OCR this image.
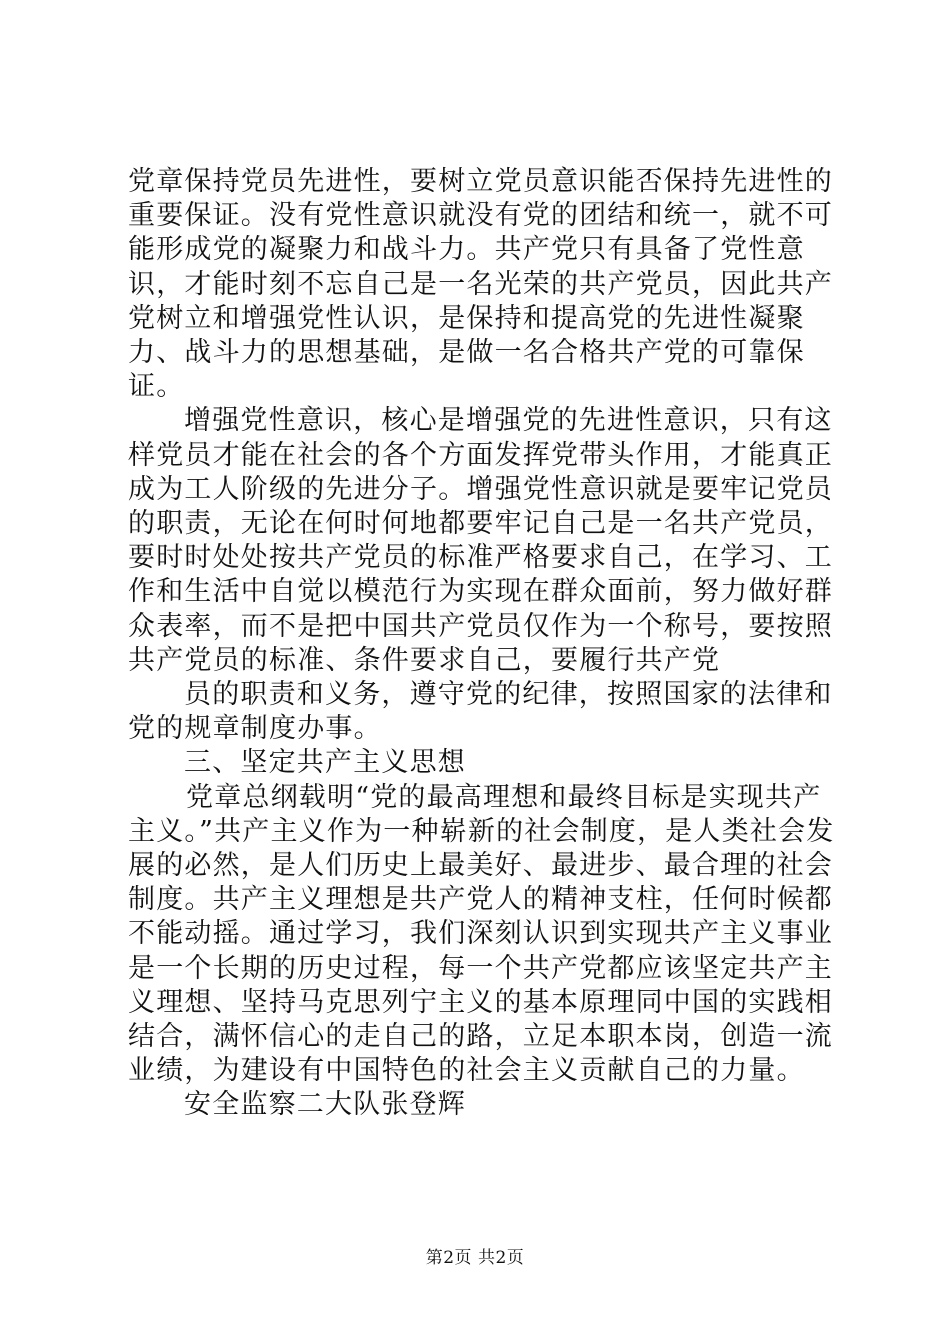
党章保持党员先进性，要树立党员意识能否保持先进性的重要保证。没有党性意识就没有党的团结和统一，就不可能形成党的凝聚力和战斗力。共产党只有具备了党性意识，才能时刻不忘自己是一名光荣的共产党员，因此共产党树立和增强党性认识，是保持和提高党的先进性凝聚力、战斗力的思想基础，是做一名合格共产党的可靠保证。

增强党性意识，核心是增强党的先进性意识，只有这样党员才能在社会的各个方面发挥党带头作用，才能真正成为工人阶级的先进分子。增强党性意识就是要牢记党员的职责，无论在何时何地都要牢记自己是一名共产党员，要时时处处按共产党员的标准严格要求自己，在学习、工作和生活中自觉以模范行为实现在群众面前，努力做好群众表率，而不是把中国共产党员仅作为一个称号，要按照共产党员的标准、条件要求自己，要履行共产党

员的职责和义务，遵守党的纪律，按照国家的法律和党的规章制度办事。

三、坚定共产主义思想

党章总纲载明“党的最高理想和最终目标是实现共产主义。”共产主义作为一种崭新的社会制度，是人类社会发展的必然，是人们历史上最美好、最进步、最合理的社会制度。共产主义理想是共产党人的精神支柱，任何时候都不能动摇。通过学习，我们深刻认识到实现共产主义事业是一个长期的历史过程，每一个共产党都应该坚定共产主义理想、坚持马克思列宁主义的基本原理同中国的实践相结合，满怀信心的走自己的路，立足本职本岗，创造一流业绩，为建设有中国特色的社会主义贡献自己的力量。

安全监察二大队张登辉

第2页 共2页
